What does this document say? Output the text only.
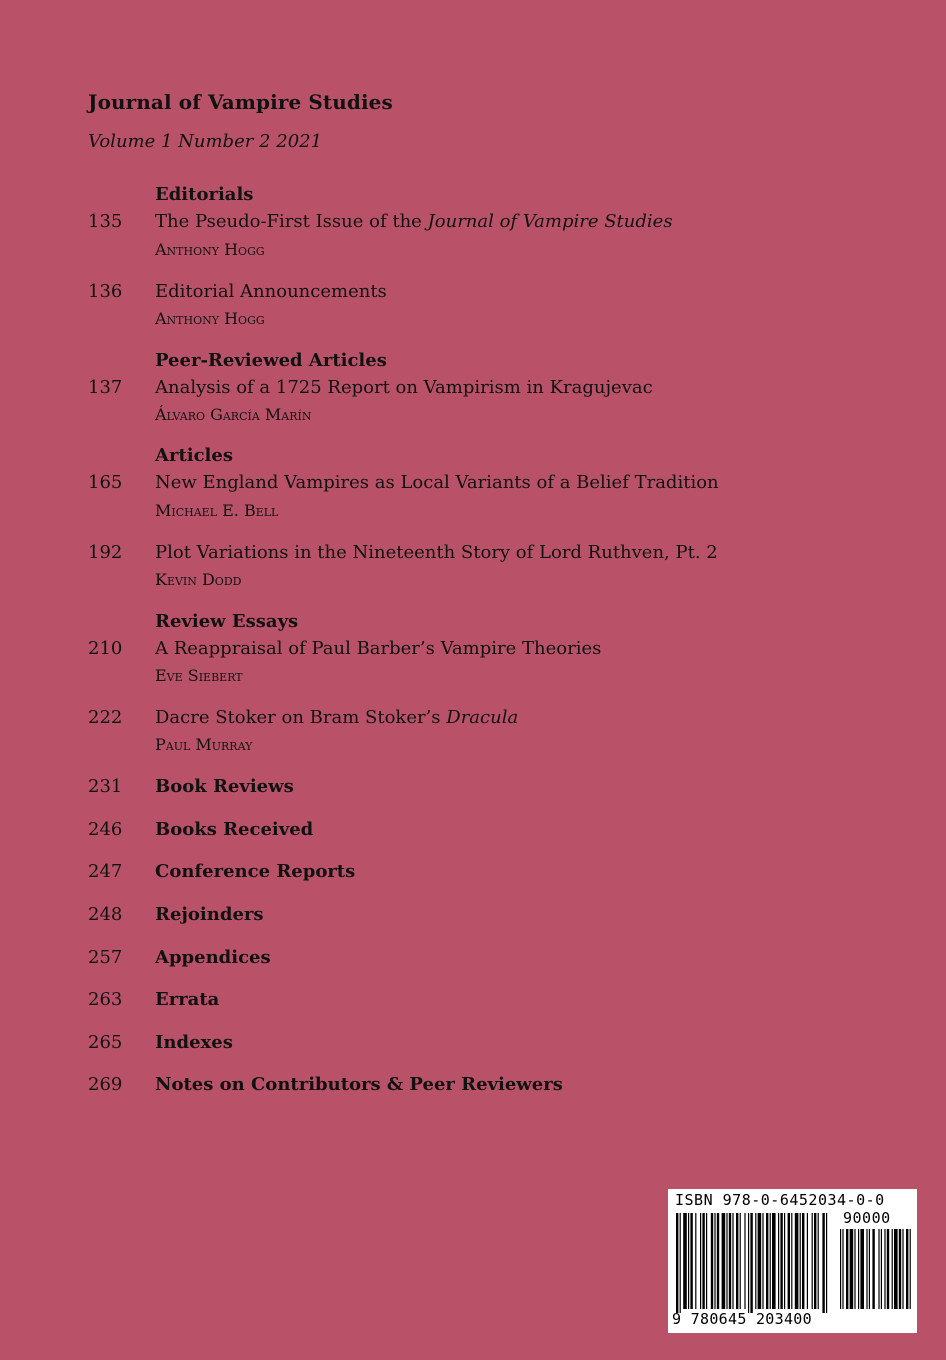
Journal of Vampire Studies
Volume 1 Number 2 2021
Editorials
135 The Pseudo-First Issue of the Journal of Vampire Studies
Anthony Hogg
136 Editorial Announcements
Anthony Hogg
Peer-Reviewed Articles
137 Analysis of a 1725 Report on Vampirism in Kragujevac
Álvaro García Marín
Articles
165 New England Vampires as Local Variants of a Belief Tradition
Michael E. Bell
192 Plot Variations in the Nineteenth Story of Lord Ruthven, Pt. 2
Kevin Dodd
Review Essays
210 A Reappraisal of Paul Barber’s Vampire Theories
Eve Siebert
222 Dacre Stoker on Bram Stoker’s Dracula
Paul Murray
231 Book Reviews
246 Books Received
247 Conference Reports
248 Rejoinders
257 Appendices
263 Errata
265 Indexes
269 Notes on Contributors & Peer Reviewers
ISBN 978-0-6452034-0-0
90000
9 780645 203400
